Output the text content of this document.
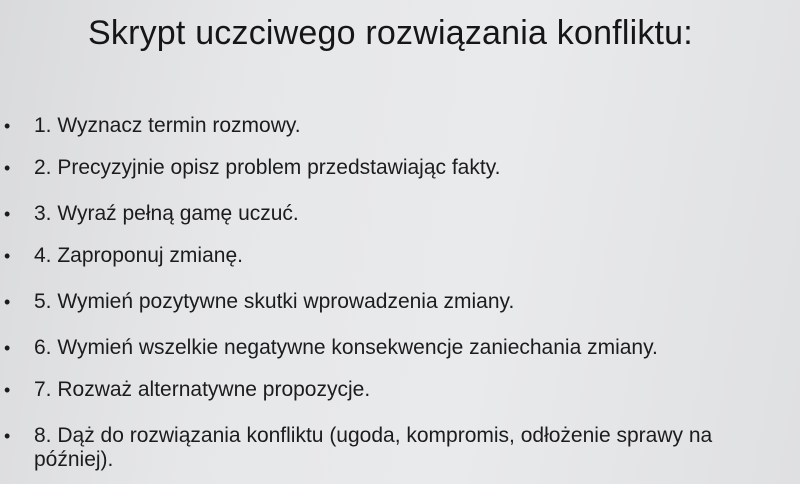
Skrypt uczciwego rozwiązania konfliktu:
• 1. Wyznacz termin rozmowy.
• 2. Precyzyjnie opisz problem przedstawiając fakty.
• 3. Wyraź pełną gamę uczuć.
• 4. Zaproponuj zmianę.
• 5. Wymień pozytywne skutki wprowadzenia zmiany.
• 6. Wymień wszelkie negatywne konsekwencje zaniechania zmiany.
• 7. Rozważ alternatywne propozycje.
• 8. Dąż do rozwiązania konfliktu (ugoda, kompromis, odłożenie sprawy na później).
